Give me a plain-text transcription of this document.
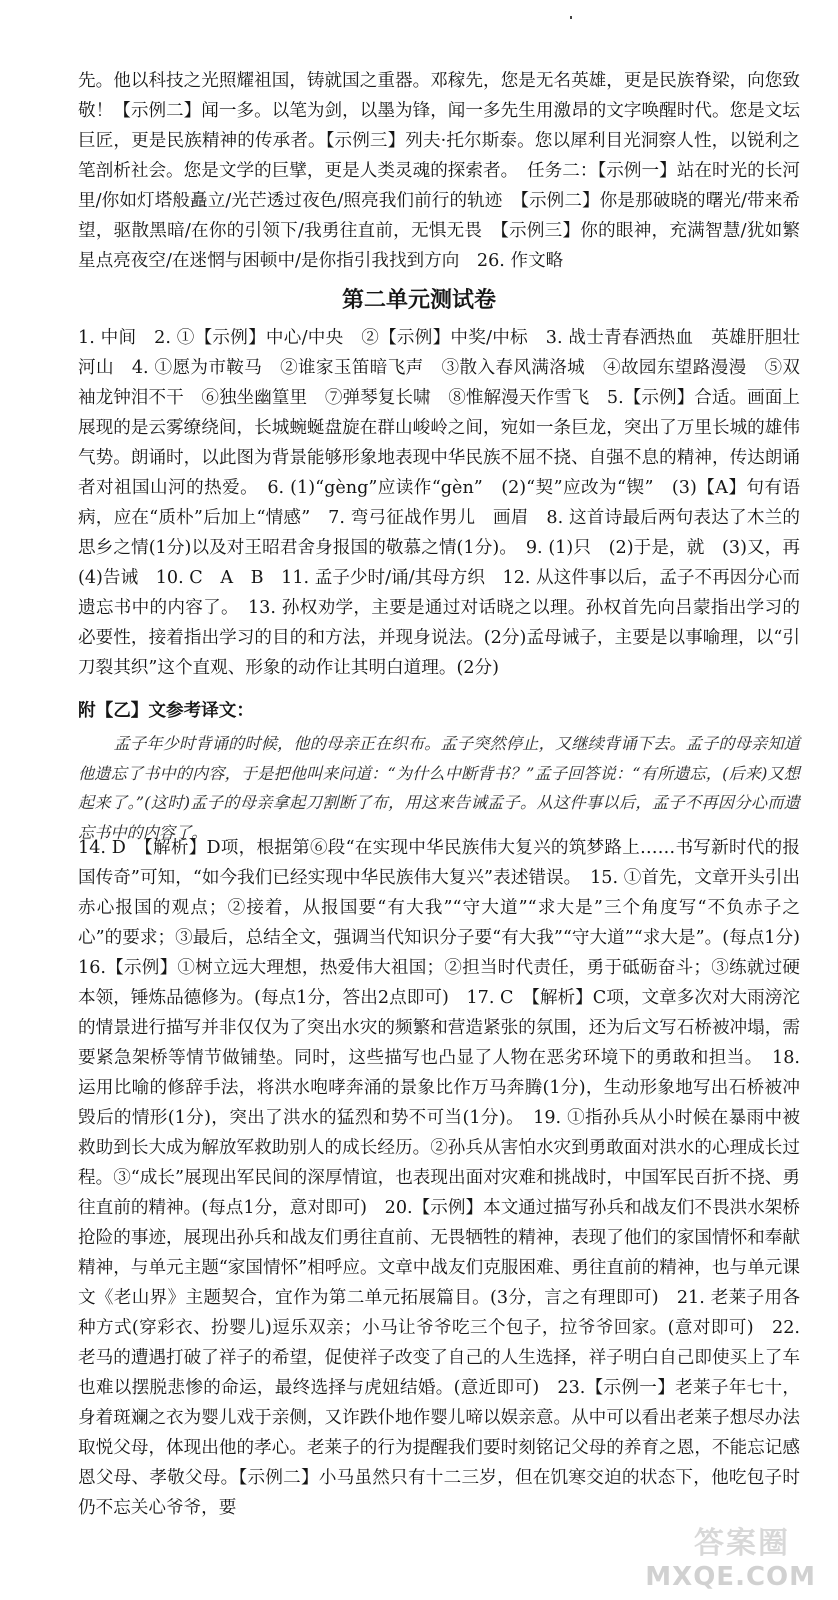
先。他以科技之光照耀祖国，铸就国之重器。邓稼先，您是无名英雄，更是民族脊梁，向您致敬！【示例二】闻一多。以笔为剑，以墨为锋，闻一多先生用激昂的文字唤醒时代。您是文坛巨匠，更是民族精神的传承者。【示例三】列夫·托尔斯泰。您以犀利目光洞察人性，以锐利之笔剖析社会。您是文学的巨擘，更是人类灵魂的探索者。　任务二：【示例一】站在时光的长河里/你如灯塔般矗立/光芒透过夜色/照亮我们前行的轨迹　【示例二】你是那破晓的曙光/带来希望，驱散黑暗/在你的引领下/我勇往直前，无惧无畏　【示例三】你的眼神，充满智慧/犹如繁星点亮夜空/在迷惘与困顿中/是你指引我找到方向　26. 作文略

第二单元测试卷

1. 中间　2. ①【示例】中心/中央　②【示例】中奖/中标　3. 战士青春洒热血　英雄肝胆壮河山　4. ①愿为市鞍马　②谁家玉笛暗飞声　③散入春风满洛城　④故园东望路漫漫　⑤双袖龙钟泪不干　⑥独坐幽篁里　⑦弹琴复长啸　⑧惟解漫天作雪飞　5.【示例】合适。画面上展现的是云雾缭绕间，长城蜿蜒盘旋在群山峻岭之间，宛如一条巨龙，突出了万里长城的雄伟气势。朗诵时，以此图为背景能够形象地表现中华民族不屈不挠、自强不息的精神，传达朗诵者对祖国山河的热爱。　6. (1)“gèng”应读作“gèn”　(2)“契”应改为“锲”　(3)【A】句有语病，应在“质朴”后加上“情感”　7. 弯弓征战作男儿　画眉　8. 这首诗最后两句表达了木兰的思乡之情(1分)以及对王昭君舍身报国的敬慕之情(1分)。　9. (1)只　(2)于是，就　(3)又，再　(4)告诫　10. C　A　B　11. 孟子少时/诵/其母方织　12. 从这件事以后，孟子不再因分心而遗忘书中的内容了。　13. 孙权劝学，主要是通过对话晓之以理。孙权首先向吕蒙指出学习的必要性，接着指出学习的目的和方法，并现身说法。(2分)孟母诫子，主要是以事喻理，以“引刀裂其织”这个直观、形象的动作让其明白道理。(2分)

附【乙】文参考译文：

孟子年少时背诵的时候，他的母亲正在织布。孟子突然停止，又继续背诵下去。孟子的母亲知道他遗忘了书中的内容，于是把他叫来问道：“为什么中断背书？”孟子回答说：“有所遗忘，(后来)又想起来了。”(这时)孟子的母亲拿起刀割断了布，用这来告诫孟子。从这件事以后，孟子不再因分心而遗忘书中的内容了。

14. D　【解析】D项，根据第⑥段“在实现中华民族伟大复兴的筑梦路上……书写新时代的报国传奇”可知，“如今我们已经实现中华民族伟大复兴”表述错误。　15. ①首先，文章开头引出赤心报国的观点；②接着，从报国要“有大我”“守大道”“求大是”三个角度写“不负赤子之心”的要求；③最后，总结全文，强调当代知识分子要“有大我”“守大道”“求大是”。(每点1分)　16.【示例】①树立远大理想，热爱伟大祖国；②担当时代责任，勇于砥砺奋斗；③练就过硬本领，锤炼品德修为。(每点1分，答出2点即可)　17. C　【解析】C项，文章多次对大雨滂沱的情景进行描写并非仅仅为了突出水灾的频繁和营造紧张的氛围，还为后文写石桥被冲塌，需要紧急架桥等情节做铺垫。同时，这些描写也凸显了人物在恶劣环境下的勇敢和担当。　18. 运用比喻的修辞手法，将洪水咆哮奔涌的景象比作万马奔腾(1分)，生动形象地写出石桥被冲毁后的情形(1分)，突出了洪水的猛烈和势不可当(1分)。　19. ①指孙兵从小时候在暴雨中被救助到长大成为解放军救助别人的成长经历。②孙兵从害怕水灾到勇敢面对洪水的心理成长过程。③“成长”展现出军民间的深厚情谊，也表现出面对灾难和挑战时，中国军民百折不挠、勇往直前的精神。(每点1分，意对即可)　20.【示例】本文通过描写孙兵和战友们不畏洪水架桥抢险的事迹，展现出孙兵和战友们勇往直前、无畏牺牲的精神，表现了他们的家国情怀和奉献精神，与单元主题“家国情怀”相呼应。文章中战友们克服困难、勇往直前的精神，也与单元课文《老山界》主题契合，宜作为第二单元拓展篇目。(3分，言之有理即可)　21. 老莱子用各种方式(穿彩衣、扮婴儿)逗乐双亲；小马让爷爷吃三个包子，拉爷爷回家。(意对即可)　22. 老马的遭遇打破了祥子的希望，促使祥子改变了自己的人生选择，祥子明白自己即使买上了车也难以摆脱悲惨的命运，最终选择与虎妞结婚。(意近即可)　23.【示例一】老莱子年七十，身着斑斓之衣为婴儿戏于亲侧，又诈跌仆地作婴儿啼以娱亲意。从中可以看出老莱子想尽办法取悦父母，体现出他的孝心。老莱子的行为提醒我们要时刻铭记父母的养育之恩，不能忘记感恩父母、孝敬父母。【示例二】小马虽然只有十二三岁，但在饥寒交迫的状态下，他吃包子时仍不忘关心爷爷，要

答案圈
MXQE.COM
